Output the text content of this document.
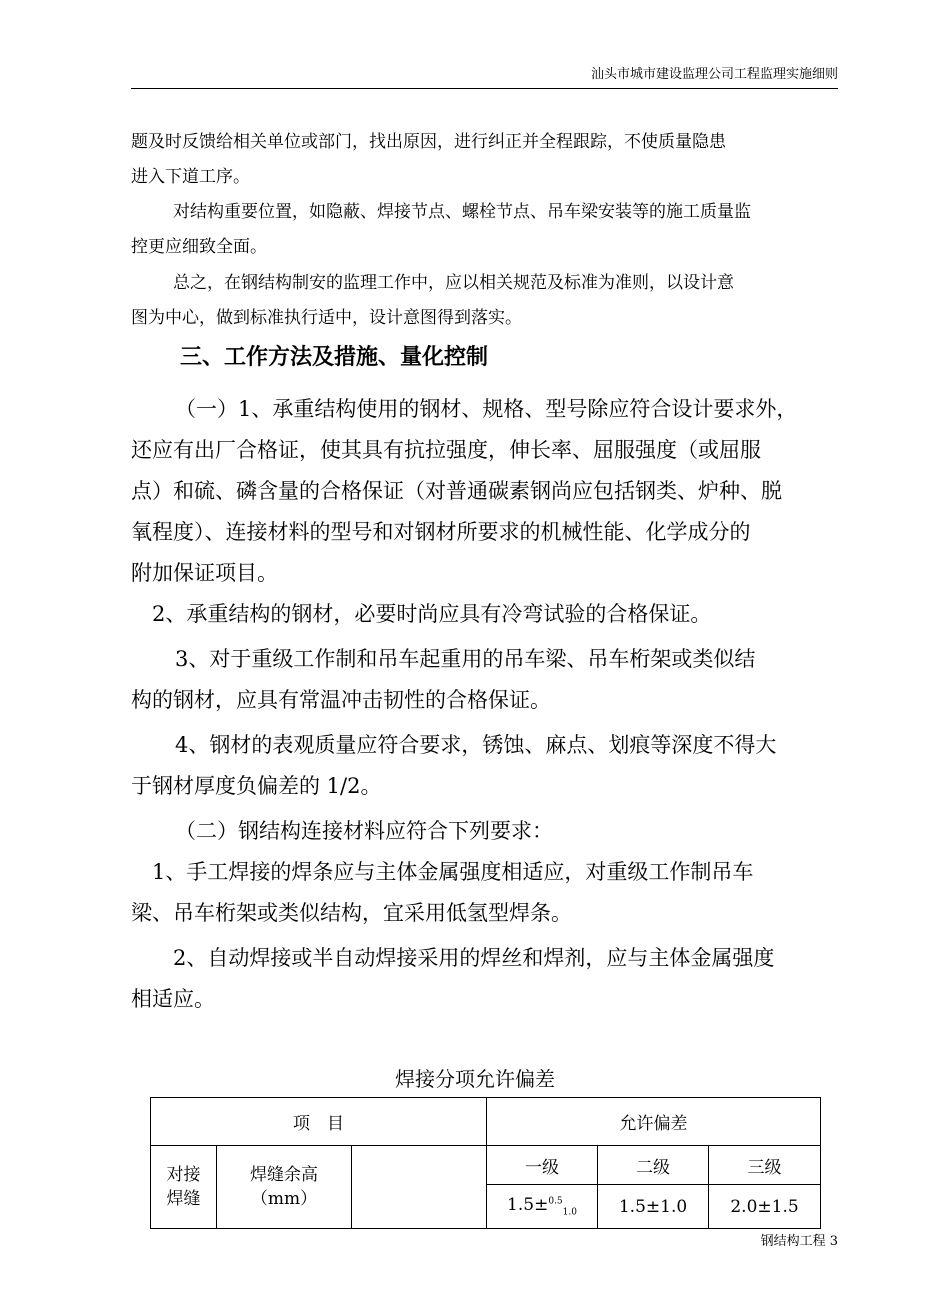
汕头市城市建设监理公司工程监理实施细则

题及时反馈给相关单位或部门，找出原因，进行纠正并全程跟踪，不使质量隐患

进入下道工序。

对结构重要位置，如隐蔽、焊接节点、螺栓节点、吊车梁安装等的施工质量监

控更应细致全面。

总之，在钢结构制安的监理工作中，应以相关规范及标准为准则，以设计意

图为中心，做到标准执行适中，设计意图得到落实。

三、工作方法及措施、量化控制

（一）1、承重结构使用的钢材、规格、型号除应符合设计要求外，

还应有出厂合格证，使其具有抗拉强度，伸长率、屈服强度（或屈服

点）和硫、磷含量的合格保证（对普通碳素钢尚应包括钢类、炉种、脱

氧程度）、连接材料的型号和对钢材所要求的机械性能、化学成分的

附加保证项目。

2、承重结构的钢材，必要时尚应具有冷弯试验的合格保证。

3、对于重级工作制和吊车起重用的吊车梁、吊车桁架或类似结

构的钢材，应具有常温冲击韧性的合格保证。

4、钢材的表观质量应符合要求，锈蚀、麻点、划痕等深度不得大

于钢材厚度负偏差的 1/2。

（二）钢结构连接材料应符合下列要求：

1、手工焊接的焊条应与主体金属强度相适应，对重级工作制吊车

梁、吊车桁架或类似结构，宜采用低氢型焊条。

2、自动焊接或半自动焊接采用的焊丝和焊剂，应与主体金属强度

相适应。

焊接分项允许偏差
项　目			允许偏差		

对接焊缝	焊缝余高（mm）		一级	二级	三级
			1.5±$^{0.5}_{1.0}$	1.5±1.0	2.0±1.5
钢结构工程 3
